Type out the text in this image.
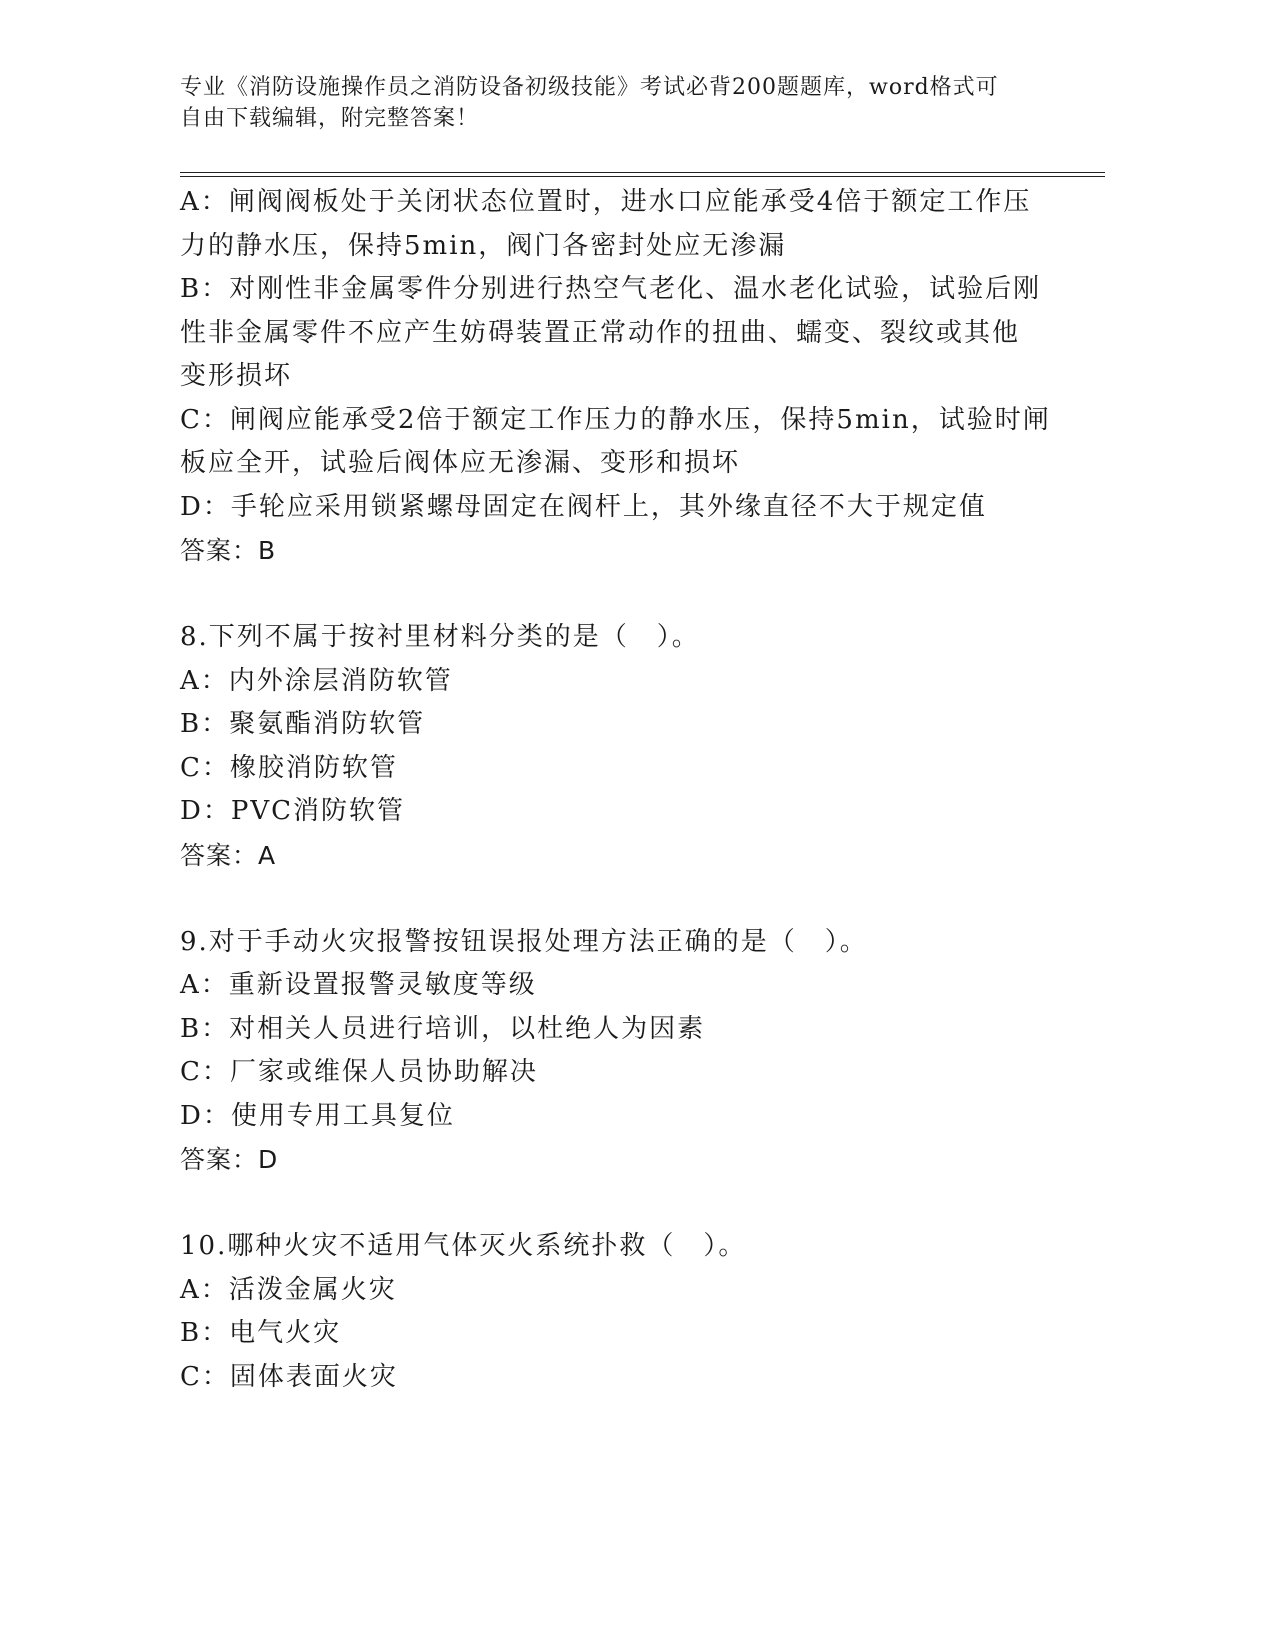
专业《消防设施操作员之消防设备初级技能》考试必背200题题库，word格式可

自由下载编辑，附完整答案！

A：闸阀阀板处于关闭状态位置时，进水口应能承受4倍于额定工作压
力的静水压，保持5min，阀门各密封处应无渗漏
B：对刚性非金属零件分别进行热空气老化、温水老化试验，试验后刚
性非金属零件不应产生妨碍装置正常动作的扭曲、蠕变、裂纹或其他
变形损坏
C：闸阀应能承受2倍于额定工作压力的静水压，保持5min，试验时闸
板应全开，试验后阀体应无渗漏、变形和损坏
D：手轮应采用锁紧螺母固定在阀杆上，其外缘直径不大于规定值
答案：B
8.下列不属于按衬里材料分类的是（　）。
A：内外涂层消防软管
B：聚氨酯消防软管
C：橡胶消防软管
D：PVC消防软管
答案：A
9.对于手动火灾报警按钮误报处理方法正确的是（　）。
A：重新设置报警灵敏度等级
B：对相关人员进行培训，以杜绝人为因素
C：厂家或维保人员协助解决
D：使用专用工具复位
答案：D
10.哪种火灾不适用气体灭火系统扑救（　）。
A：活泼金属火灾
B：电气火灾
C：固体表面火灾
